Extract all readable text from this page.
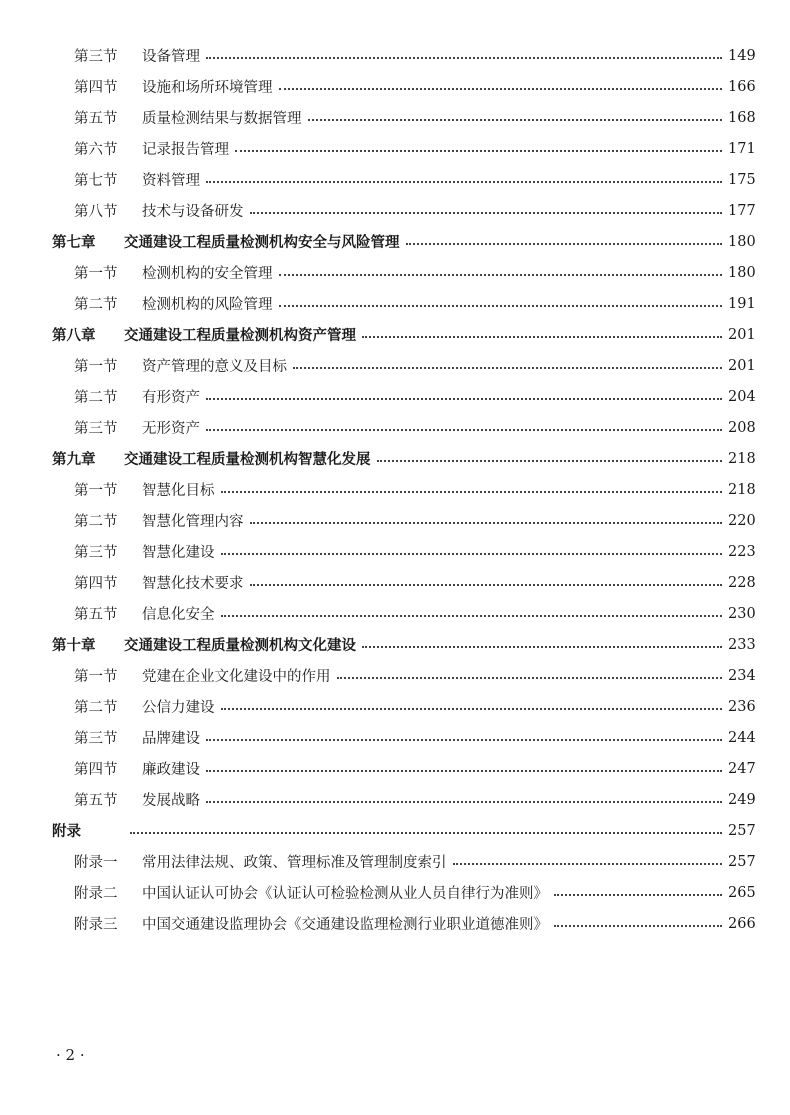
第三节	设备管理	149
第四节	设施和场所环境管理	166
第五节	质量检测结果与数据管理	168
第六节	记录报告管理	171
第七节	资料管理	175
第八节	技术与设备研发	177
第七章	交通建设工程质量检测机构安全与风险管理	180
第一节	检测机构的安全管理	180
第二节	检测机构的风险管理	191
第八章	交通建设工程质量检测机构资产管理	201
第一节	资产管理的意义及目标	201
第二节	有形资产	204
第三节	无形资产	208
第九章	交通建设工程质量检测机构智慧化发展	218
第一节	智慧化目标	218
第二节	智慧化管理内容	220
第三节	智慧化建设	223
第四节	智慧化技术要求	228
第五节	信息化安全	230
第十章	交通建设工程质量检测机构文化建设	233
第一节	党建在企业文化建设中的作用	234
第二节	公信力建设	236
第三节	品牌建设	244
第四节	廉政建设	247
第五节	发展战略	249
附录	257
附录一	常用法律法规、政策、管理标准及管理制度索引	257
附录二	中国认证认可协会《认证认可检验检测从业人员自律行为准则》	265
附录三	中国交通建设监理协会《交通建设监理检测行业职业道德准则》	266
· 2 ·
